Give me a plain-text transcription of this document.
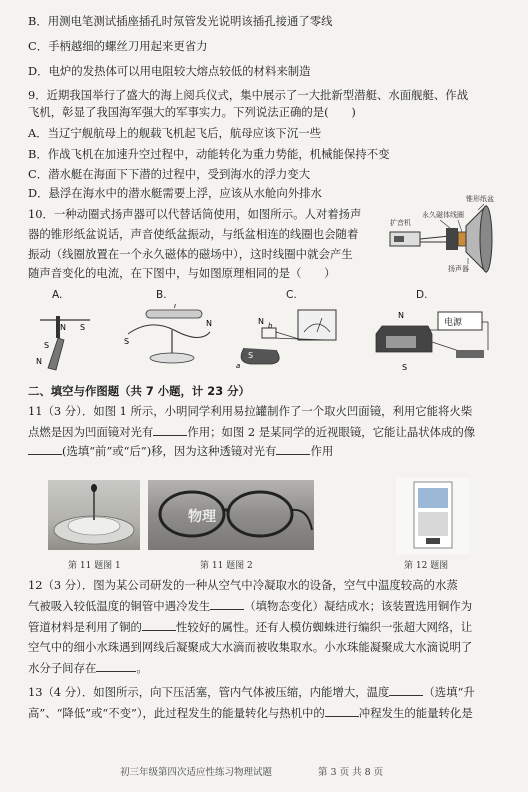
B．用测电笔测试插座插孔时氖管发光说明该插孔接通了零线
C．手柄越细的螺丝刀用起来更省力
D．电炉的发热体可以用电阻较大熔点较低的材料来制造
9．近期我国举行了盛大的海上阅兵仪式，集中展示了一大批新型潜艇、水面舰艇、作战
飞机，彰显了我国海军强大的军事实力。下列说法正确的是(　　)
A．当辽宁舰航母上的舰载飞机起飞后，航母应该下沉一些
B．作战飞机在加速升空过程中，动能转化为重力势能，机械能保持不变
C．潜水艇在海面下下潜的过程中，受到海水的浮力变大
D．悬浮在海水中的潜水艇需要上浮，应该从水舱向外排水
10．一种动圈式扬声器可以代替话筒使用，如图所示。人对着扬声
器的锥形纸盆说话，声音使纸盆振动，与纸盆相连的线圈也会随着
振动（线圈放置在一个永久磁体的磁场中），这时线圈中就会产生
随声音变化的电流，在下图中，与如图原理相同的是（　　）
锥形纸盆
永久磁体 线圈
扩音机
扬声器
A.	B.	C.	D.
N S
N
S
I
S
N	N b
S
a
N
S
电源
二、填空与作图题（共 7 小题，计 23 分）
11（3 分）．如图 1 所示，小明同学利用易拉罐制作了一个取火凹面镜，利用它能将火柴
点燃是因为凹面镜对光有	作用；如图 2 是某同学的近视眼镜，它能让晶状体成的像
(选填“前”或“后”)移，因为这种透镜对光有	作用
物理
第 11 题图 1	第 11 题图 2	第 12 题图
12（3 分）．图为某公司研发的一种从空气中冷凝取水的设备，空气中温度较高的水蒸
气被吸入较低温度的铜管中遇冷发生	（填物态变化）凝结成水；该装置选用铜作为
管道材料是利用了铜的	性较好的属性。还有人模仿蜘蛛进行编织一张超大网络，让
空气中的细小水珠遇到网线后凝聚成大水滴而被收集取水。小水珠能凝聚成大水滴说明了
水分子间存在	。
13（4 分）．如图所示，向下压活塞，管内气体被压缩，内能增大，温度	（选填“升
高”、“降低”或“不变”），此过程发生的能量转化与热机中的	冲程发生的能量转化是
初三年级第四次适应性练习物理试题	第 3 页 共 8 页
